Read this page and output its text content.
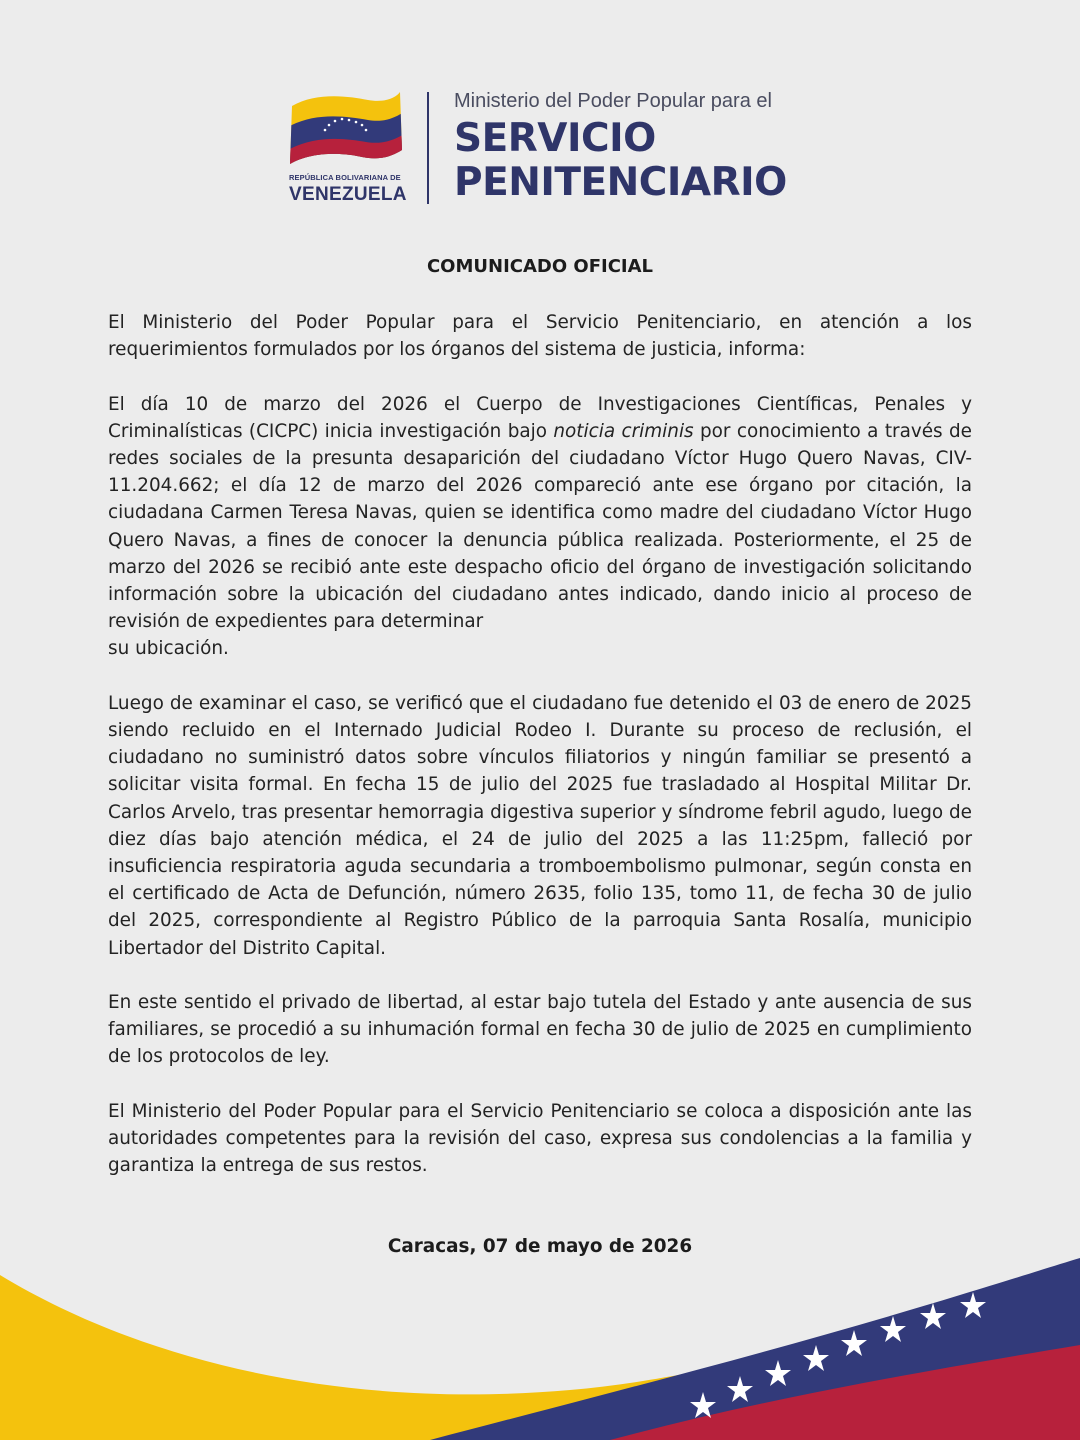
REPÚBLICA BOLIVARIANA DE
VENEZUELA
Ministerio del Poder Popular para el
SERVICIO
PENITENCIARIO
COMUNICADO OFICIAL

El Ministerio del Poder Popular para el Servicio Penitenciario, en atención a los requerimientos formulados por los órganos del sistema de justicia, informa:

El día 10 de marzo del 2026 el Cuerpo de Investigaciones Científicas, Penales y Criminalísticas (CICPC) inicia investigación bajo noticia criminis por conocimiento a través de redes sociales de la presunta desaparición del ciudadano Víctor Hugo Quero Navas, CIV-11.204.662; el día 12 de marzo del 2026 compareció ante ese órgano por citación, la ciudadana Carmen Teresa Navas, quien se identifica como madre del ciudadano Víctor Hugo Quero Navas, a fines de conocer la denuncia pública realizada. Posteriormente, el 25 de marzo del 2026 se recibió ante este despacho oficio del órgano de investigación solicitando información sobre la ubicación del ciudadano antes indicado, dando inicio al proceso de revisión de expedientes para determinar
su ubicación.

Luego de examinar el caso, se verificó que el ciudadano fue detenido el 03 de enero de 2025 siendo recluido en el Internado Judicial Rodeo I. Durante su proceso de reclusión, el ciudadano no suministró datos sobre vínculos filiatorios y ningún familiar se presentó a solicitar visita formal. En fecha 15 de julio del 2025 fue trasladado al Hospital Militar Dr. Carlos Arvelo, tras presentar hemorragia digestiva superior y síndrome febril agudo, luego de diez días bajo atención médica, el 24 de julio del 2025 a las 11:25pm, falleció por insuficiencia respiratoria aguda secundaria a tromboembolismo pulmonar, según consta en el certificado de Acta de Defunción, número 2635, folio 135, tomo 11, de fecha 30 de julio del 2025, correspondiente al Registro Público de la parroquia Santa Rosalía, municipio Libertador del Distrito Capital.

En este sentido el privado de libertad, al estar bajo tutela del Estado y ante ausencia de sus familiares, se procedió a su inhumación formal en fecha 30 de julio de 2025 en cumplimiento de los protocolos de ley.

El Ministerio del Poder Popular para el Servicio Penitenciario se coloca a disposición ante las autoridades competentes para la revisión del caso, expresa sus condolencias a la familia y garantiza la entrega de sus restos.

Caracas, 07 de mayo de 2026
